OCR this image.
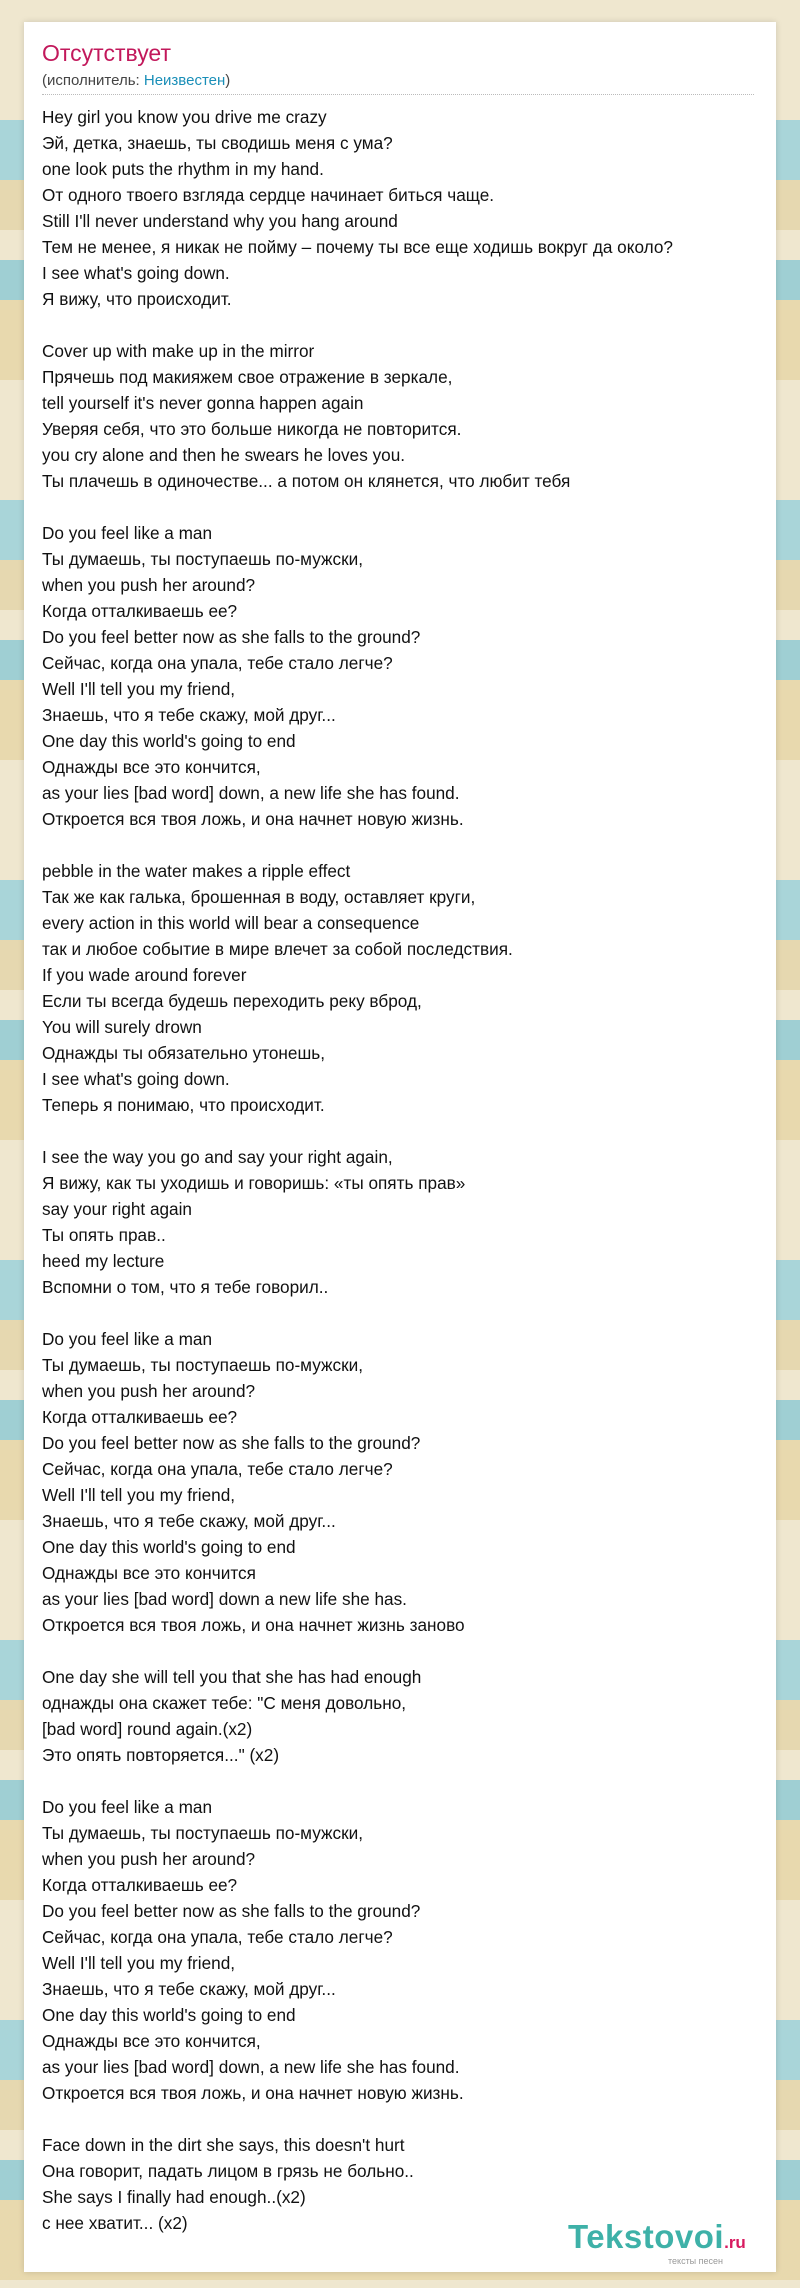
Отсутствует
(исполнитель: Неизвестен)
Hey girl you know you drive me crazy
Эй, детка, знаешь, ты сводишь меня с ума?
one look puts the rhythm in my hand.
От одного твоего взгляда сердце начинает биться чаще.
Still I'll never understand why you hang around
Тем не менее, я никак не пойму – почему ты все еще ходишь вокруг да около?
I see what's going down.
Я вижу, что происходит.
Cover up with make up in the mirror
Прячешь под макияжем свое отражение в зеркале,
tell yourself it's never gonna happen again
Уверяя себя, что это больше никогда не повторится.
you cry alone and then he swears he loves you.
Ты плачешь в одиночестве... а потом он клянется, что любит тебя
Do you feel like a man
Ты думаешь, ты поступаешь по-мужски,
when you push her around?
Когда отталкиваешь ее?
Do you feel better now as she falls to the ground?
Сейчас, когда она упала, тебе стало легче?
Well I'll tell you my friend,
Знаешь, что я тебе скажу, мой друг...
One day this world's going to end
Однажды все это кончится,
as your lies [bad word] down, a new life she has found.
Откроется вся твоя ложь, и она начнет новую жизнь.
pebble in the water makes a ripple effect
Так же как галька, брошенная в воду, оставляет круги,
every action in this world will bear a consequence
так и любое событие в мире влечет за собой последствия.
If you wade around forever
Если ты всегда будешь переходить реку вброд,
You will surely drown
Однажды ты обязательно утонешь,
I see what's going down.
Теперь я понимаю, что происходит.
I see the way you go and say your right again,
Я вижу, как ты уходишь и говоришь: «ты опять прав»
say your right again
Ты опять прав..
heed my lecture
Вспомни о том, что я тебе говорил..
Do you feel like a man
Ты думаешь, ты поступаешь по-мужски,
when you push her around?
Когда отталкиваешь ее?
Do you feel better now as she falls to the ground?
Сейчас, когда она упала, тебе стало легче?
Well I'll tell you my friend,
Знаешь, что я тебе скажу, мой друг...
One day this world's going to end
Однажды все это кончится
as your lies [bad word] down a new life she has.
Откроется вся твоя ложь, и она начнет жизнь заново
One day she will tell you that she has had enough
однажды она скажет тебе: "С меня довольно,
[bad word] round again.(x2)
Это опять повторяется..." (x2)
Do you feel like a man
Ты думаешь, ты поступаешь по-мужски,
when you push her around?
Когда отталкиваешь ее?
Do you feel better now as she falls to the ground?
Сейчас, когда она упала, тебе стало легче?
Well I'll tell you my friend,
Знаешь, что я тебе скажу, мой друг...
One day this world's going to end
Однажды все это кончится,
as your lies [bad word] down, a new life she has found.
Откроется вся твоя ложь, и она начнет новую жизнь.
Face down in the dirt she says, this doesn't hurt
Она говорит, падать лицом в грязь не больно..
She says I finally had enough..(x2)
с нее хватит... (x2)	Tekstovoi.ru
тексты песен
